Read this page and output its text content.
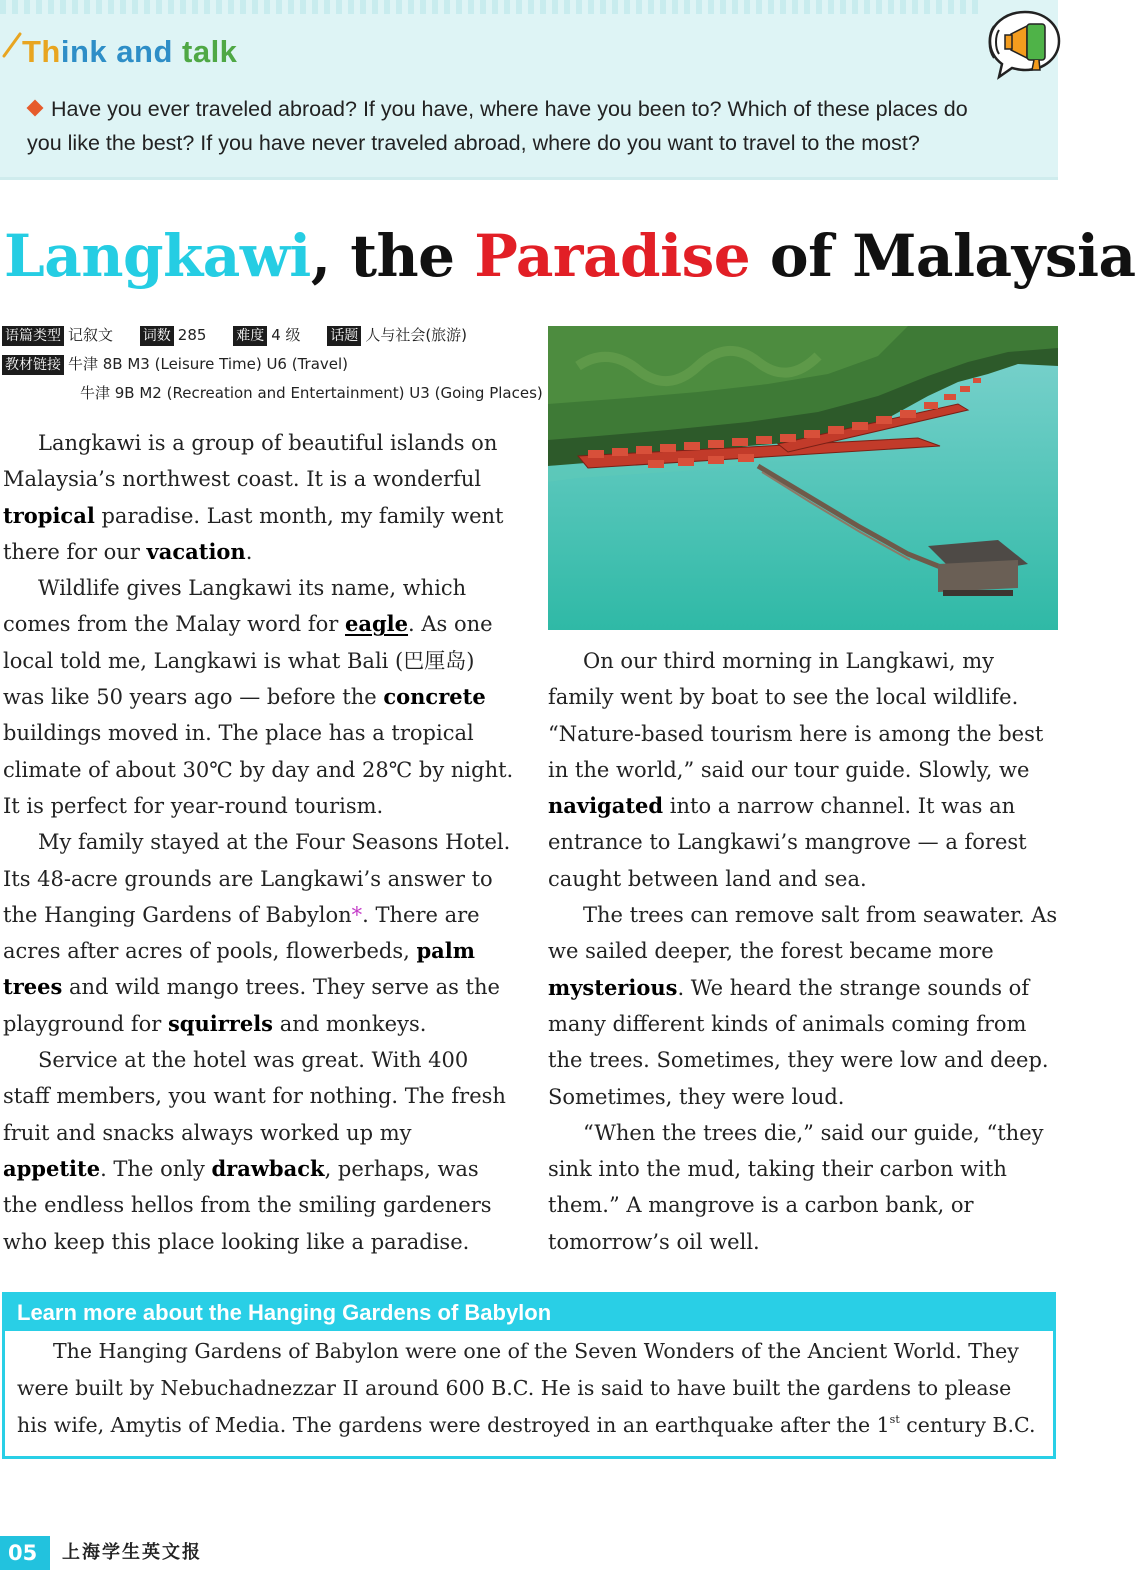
Think and talk
Have you ever traveled abroad? If you have, where have you been to? Which of these places do you like the best? If you have never traveled abroad, where do you want to travel to the most?
Langkawi, the Paradise of Malaysia
语篇类型 记叙文 词数 285 难度 4 级 话题 人与社会(旅游)
教材链接 牛津 8B M3 (Leisure Time) U6 (Travel)
牛津 9B M2 (Recreation and Entertainment) U3 (Going Places)

Langkawi is a group of beautiful islands on Malaysia’s northwest coast. It is a wonderful tropical paradise. Last month, my family went there for our vacation.

Wildlife gives Langkawi its name, which comes from the Malay word for eagle. As one local told me, Langkawi is what Bali (巴厘岛) was like 50 years ago — before the concrete buildings moved in. The place has a tropical climate of about 30℃ by day and 28℃ by night. It is perfect for year-round tourism.

My family stayed at the Four Seasons Hotel. Its 48-acre grounds are Langkawi’s answer to the Hanging Gardens of Babylon*. There are acres after acres of pools, flowerbeds, palm trees and wild mango trees. They serve as the playground for squirrels and monkeys.

Service at the hotel was great. With 400 staff members, you want for nothing. The fresh fruit and snacks always worked up my appetite. The only drawback, perhaps, was the endless hellos from the smiling gardeners who keep this place looking like a paradise.

On our third morning in Langkawi, my family went by boat to see the local wildlife. “Nature-based tourism here is among the best in the world,” said our tour guide. Slowly, we navigated into a narrow channel. It was an entrance to Langkawi’s mangrove — a forest caught between land and sea.

The trees can remove salt from seawater. As we sailed deeper, the forest became more mysterious. We heard the strange sounds of many different kinds of animals coming from the trees. Sometimes, they were low and deep. Sometimes, they were loud.

“When the trees die,” said our guide, “they sink into the mud, taking their carbon with them.” A mangrove is a carbon bank, or tomorrow’s oil well.

Learn more about the Hanging Gardens of Babylon
The Hanging Gardens of Babylon were one of the Seven Wonders of the Ancient World. They were built by Nebuchadnezzar II around 600 B.C. He is said to have built the gardens to please his wife, Amytis of Media. The gardens were destroyed in an earthquake after the 1st century B.C.
05	上海学生英文报
